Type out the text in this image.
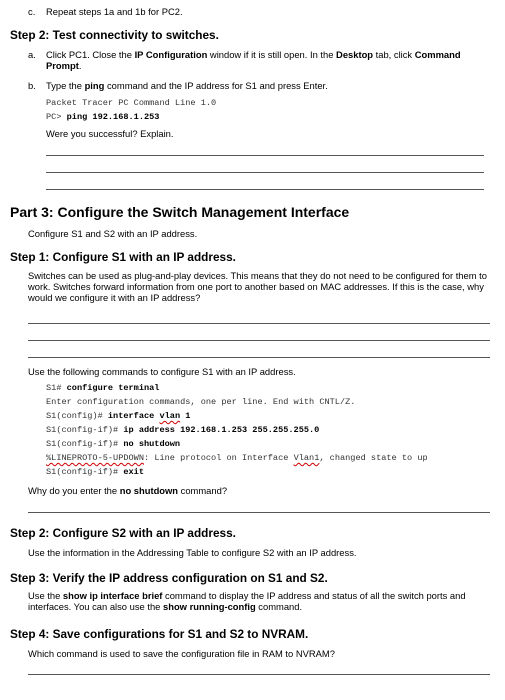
c. Repeat steps 1a and 1b for PC2.
Step 2: Test connectivity to switches.
a. Click PC1. Close the IP Configuration window if it is still open. In the Desktop tab, click Command Prompt.
b. Type the ping command and the IP address for S1 and press Enter.
Packet Tracer PC Command Line 1.0
PC> ping 192.168.1.253
Were you successful? Explain.
Part 3: Configure the Switch Management Interface
Configure S1 and S2 with an IP address.
Step 1: Configure S1 with an IP address.
Switches can be used as plug-and-play devices. This means that they do not need to be configured for them to work. Switches forward information from one port to another based on MAC addresses. If this is the case, why would we configure it with an IP address?
Use the following commands to configure S1 with an IP address.
S1# configure terminal
Enter configuration commands, one per line. End with CNTL/Z.
S1(config)# interface vlan 1
S1(config-if)# ip address 192.168.1.253 255.255.255.0
S1(config-if)# no shutdown
%LINEPROTO-5-UPDOWN: Line protocol on Interface Vlan1, changed state to up
S1(config-if)# exit
Why do you enter the no shutdown command?
Step 2: Configure S2 with an IP address.
Use the information in the Addressing Table to configure S2 with an IP address.
Step 3: Verify the IP address configuration on S1 and S2.
Use the show ip interface brief command to display the IP address and status of all the switch ports and interfaces. You can also use the show running-config command.
Step 4: Save configurations for S1 and S2 to NVRAM.
Which command is used to save the configuration file in RAM to NVRAM?
